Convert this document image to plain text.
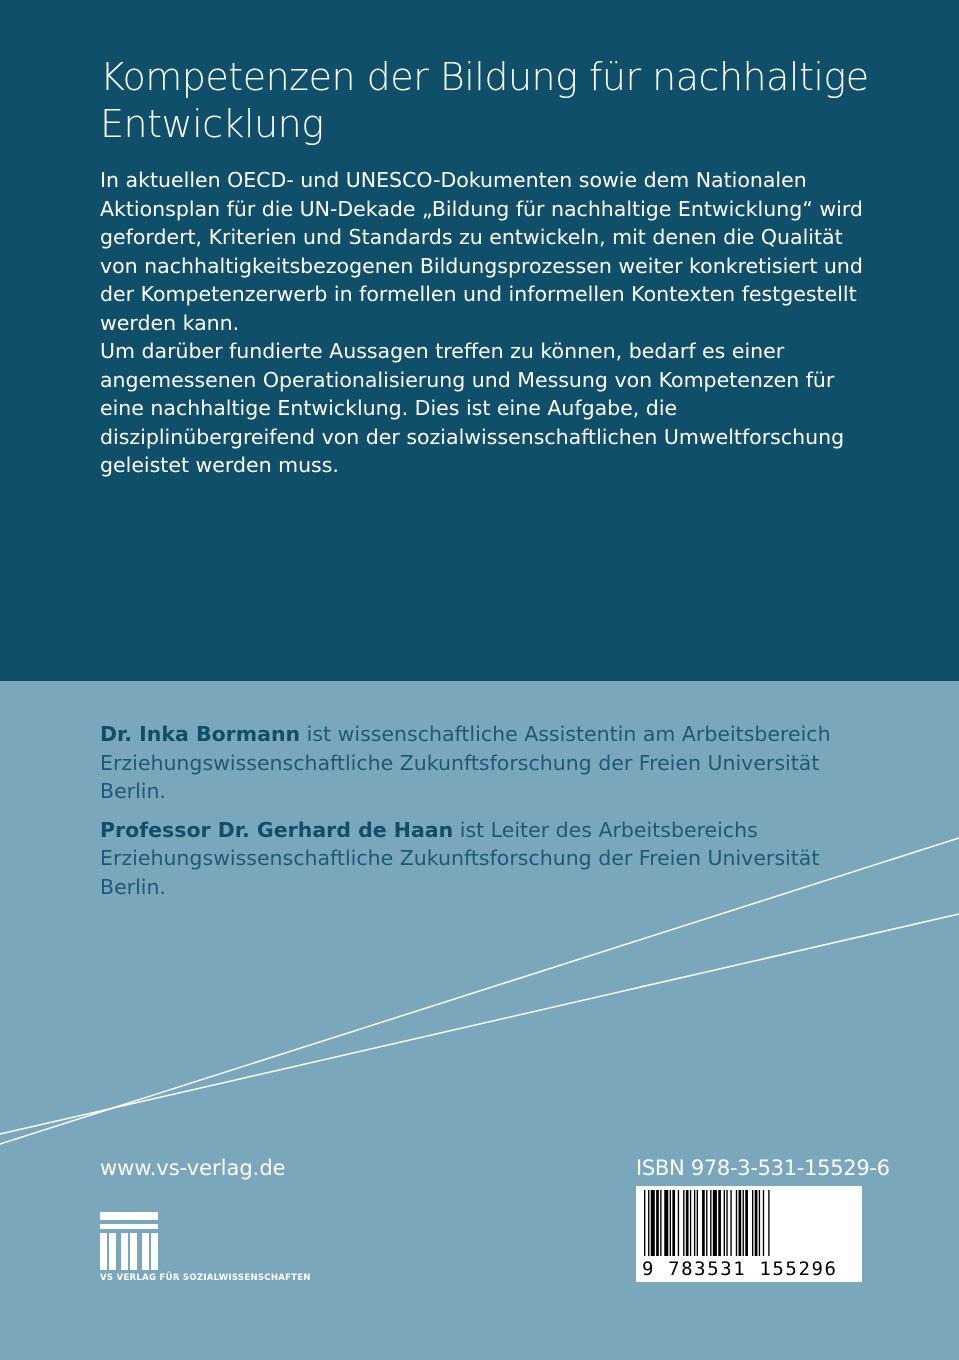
Kompetenzen der Bildung für nachhaltige Entwicklung

In aktuellen OECD- und UNESCO-Dokumenten sowie dem Nationalen Aktionsplan für die UN-Dekade „Bildung für nachhaltige Entwicklung“ wird gefordert, Kriterien und Standards zu entwickeln, mit denen die Qualität von nachhaltigkeitsbezogenen Bildungsprozessen weiter konkretisiert und der Kompetenzerwerb in formellen und informellen Kontexten festgestellt werden kann.

Um darüber fundierte Aussagen treffen zu können, bedarf es einer angemessenen Operationalisierung und Messung von Kompetenzen für eine nachhaltige Entwicklung. Dies ist eine Aufgabe, die disziplinübergreifend von der sozialwissenschaftlichen Umweltforschung geleistet werden muss.

Dr. Inka Bormann ist wissenschaftliche Assistentin am Arbeitsbereich Erziehungswissenschaftliche Zukunftsforschung der Freien Universität Berlin.

Professor Dr. Gerhard de Haan ist Leiter des Arbeitsbereichs Erziehungswissenschaftliche Zukunftsforschung der Freien Universität Berlin.

www.vs-verlag.de	ISBN 978-3-531-15529-6
9 783531 155296
VS VERLAG FÜR SOZIALWISSENSCHAFTEN
